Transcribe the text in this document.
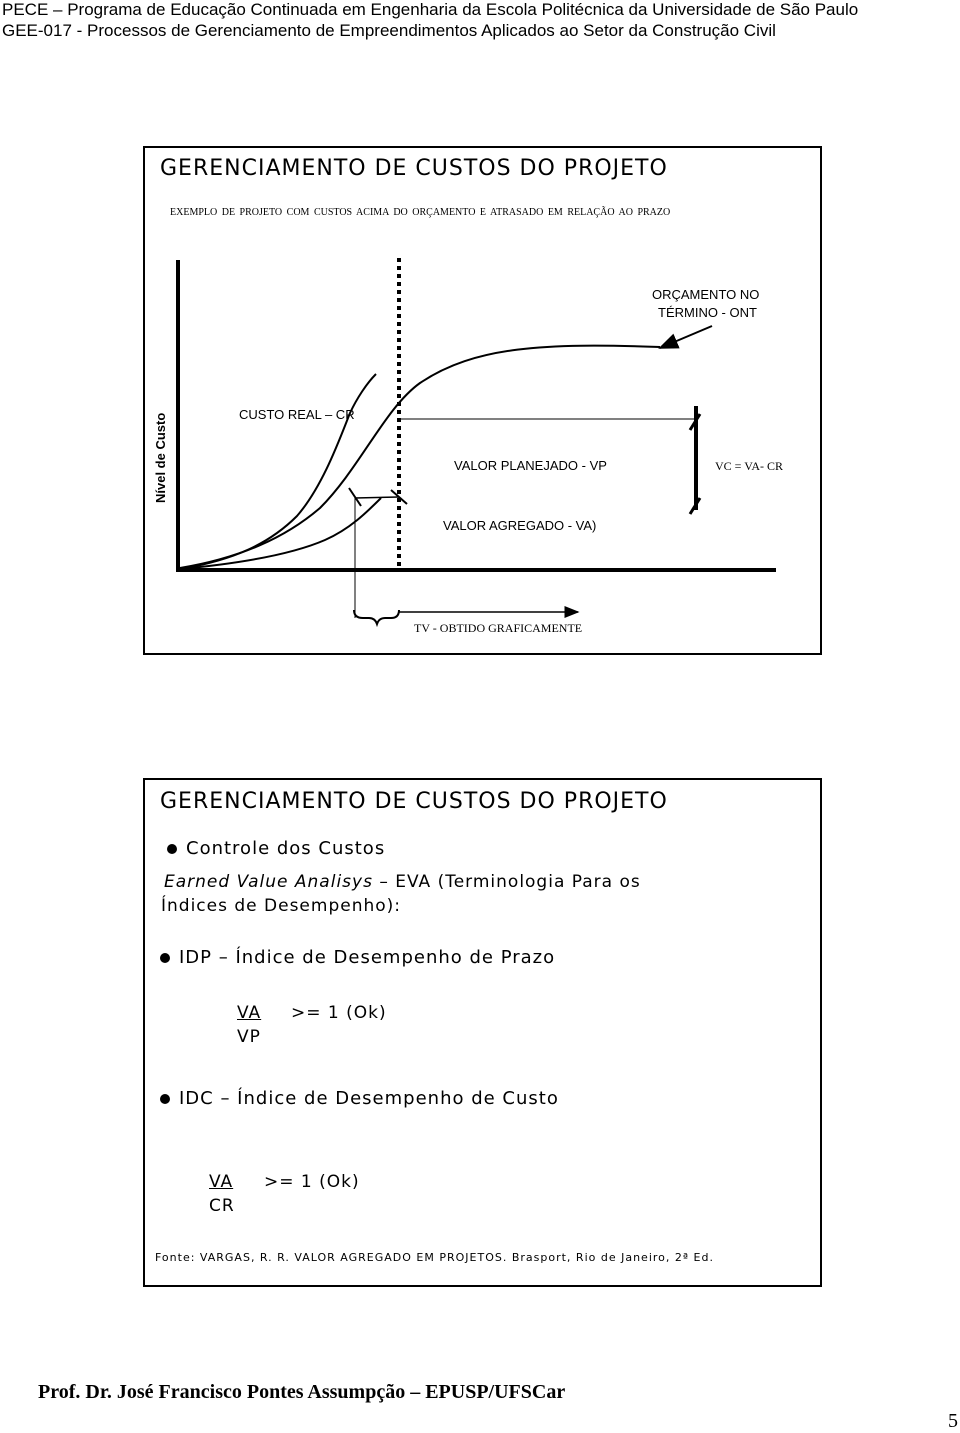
PECE – Programa de Educação Continuada em Engenharia da Escola Politécnica da Universidade de São Paulo
GEE-017 - Processos de Gerenciamento de Empreendimentos Aplicados ao Setor da Construção Civil
GERENCIAMENTO DE CUSTOS DO PROJETO
EXEMPLO DE PROJETO COM CUSTOS ACIMA DO ORÇAMENTO E ATRASADO EM RELAÇÃO AO PRAZO
Nível de Custo
ORÇAMENTO NO
TÉRMINO - ONT
CUSTO REAL – CR
VALOR PLANEJADO - VP	VC = VA- CR
VALOR AGREGADO - VA)
TV - OBTIDO GRAFICAMENTE
GERENCIAMENTO DE CUSTOS DO PROJETO
Controle dos Custos
Earned Value Analisys – EVA (Terminologia Para os
Índices de Desempenho):
IDP – Índice de Desempenho de Prazo
VA >= 1 (Ok)
VP
IDC – Índice de Desempenho de Custo
VA >= 1 (Ok)
CR
Fonte: VARGAS, R. R. VALOR AGREGADO EM PROJETOS. Brasport, Rio de Janeiro, 2ª Ed.
Prof. Dr. José Francisco Pontes Assumpção – EPUSP/UFSCar
5
